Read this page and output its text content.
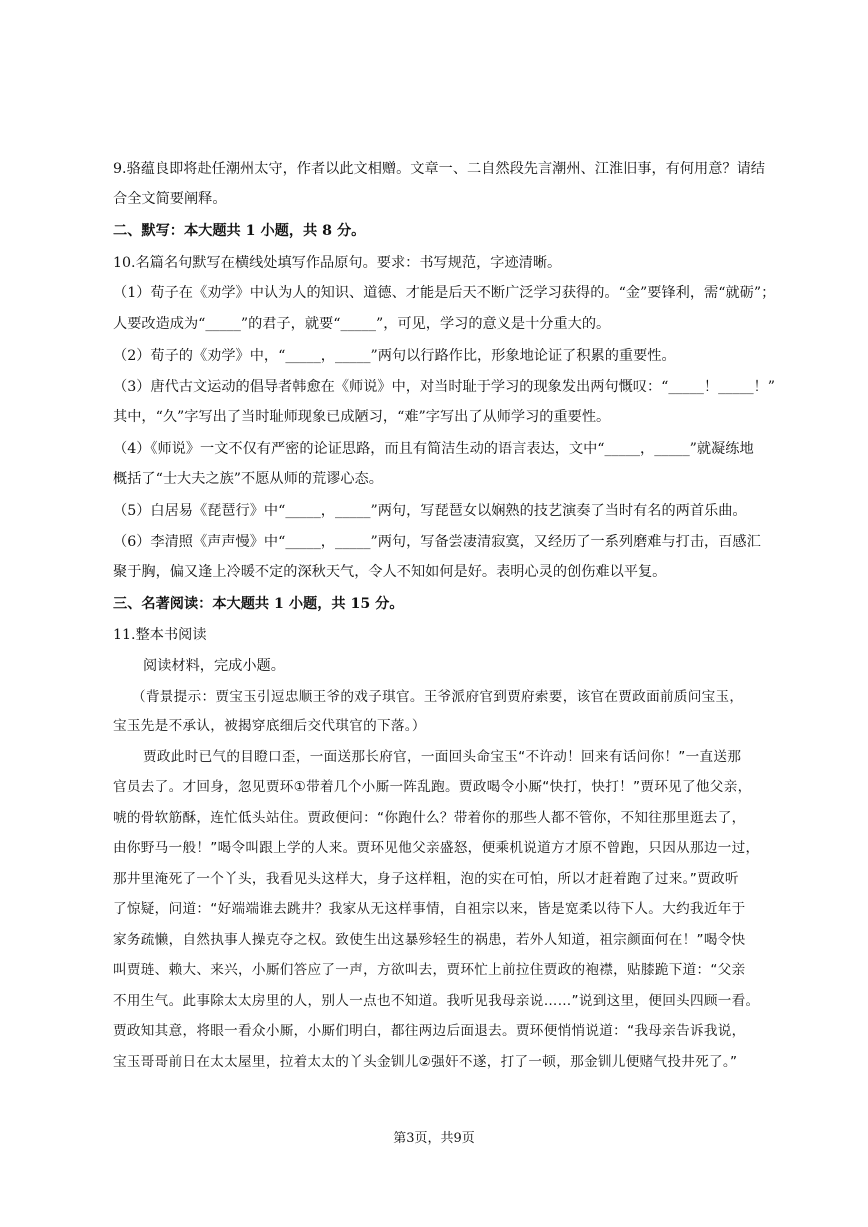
9.骆蕴良即将赴任潮州太守，作者以此文相赠。文章一、二自然段先言潮州、江淮旧事，有何用意？请结
合全文简要阐释。
二、默写：本大题共 1 小题，共 8 分。
10.名篇名句默写在横线处填写作品原句。要求：书写规范，字迹清晰。
（1）荀子在《劝学》中认为人的知识、道德、才能是后天不断广泛学习获得的。“金”要锋利，需“就砺”；
人要改造成为“_____”的君子，就要“_____”，可见，学习的意义是十分重大的。
（2）荀子的《劝学》中，“_____，_____”两句以行路作比，形象地论证了积累的重要性。
（3）唐代古文运动的倡导者韩愈在《师说》中，对当时耻于学习的现象发出两句慨叹：“_____！_____！”
其中，“久”字写出了当时耻师现象已成陋习，“难”字写出了从师学习的重要性。
（4）《师说》一文不仅有严密的论证思路，而且有简洁生动的语言表达，文中“_____，_____”就凝练地
概括了“士大夫之族”不愿从师的荒谬心态。
（5）白居易《琵琶行》中“_____，_____”两句，写琵琶女以娴熟的技艺演奏了当时有名的两首乐曲。
（6）李清照《声声慢》中“_____，_____”两句，写备尝凄清寂寞，又经历了一系列磨难与打击，百感汇
聚于胸，偏又逢上冷暖不定的深秋天气，令人不知如何是好。表明心灵的创伤难以平复。
三、名著阅读：本大题共 1 小题，共 15 分。
11.整本书阅读
阅读材料，完成小题。
（背景提示：贾宝玉引逗忠顺王爷的戏子琪官。王爷派府官到贾府索要，该官在贾政面前质问宝玉，
宝玉先是不承认，被揭穿底细后交代琪官的下落。）
贾政此时已气的目瞪口歪，一面送那长府官，一面回头命宝玉“不许动！回来有话问你！”一直送那
官员去了。才回身，忽见贾环①带着几个小厮一阵乱跑。贾政喝令小厮“快打，快打！”贾环见了他父亲，
唬的骨软筋酥，连忙低头站住。贾政便问：“你跑什么？带着你的那些人都不管你，不知往那里逛去了，
由你野马一般！”喝令叫跟上学的人来。贾环见他父亲盛怒，便乘机说道方才原不曾跑，只因从那边一过，
那井里淹死了一个丫头，我看见头这样大，身子这样粗，泡的实在可怕，所以才赶着跑了过来。”贾政听
了惊疑，问道：“好端端谁去跳井？我家从无这样事情，自祖宗以来，皆是宽柔以待下人。大约我近年于
家务疏懒，自然执事人操克夺之权。致使生出这暴殄轻生的祸患，若外人知道，祖宗颜面何在！”喝令快
叫贾琏、赖大、来兴，小厮们答应了一声，方欲叫去，贾环忙上前拉住贾政的袍襟，贴膝跪下道：“父亲
不用生气。此事除太太房里的人，别人一点也不知道。我听见我母亲说……”说到这里，便回头四顾一看。
贾政知其意，将眼一看众小厮，小厮们明白，都往两边后面退去。贾环便悄悄说道：“我母亲告诉我说，
宝玉哥哥前日在太太屋里，拉着太太的丫头金钏儿②强奸不遂，打了一顿，那金钏儿便赌气投井死了。”
第3页，共9页
